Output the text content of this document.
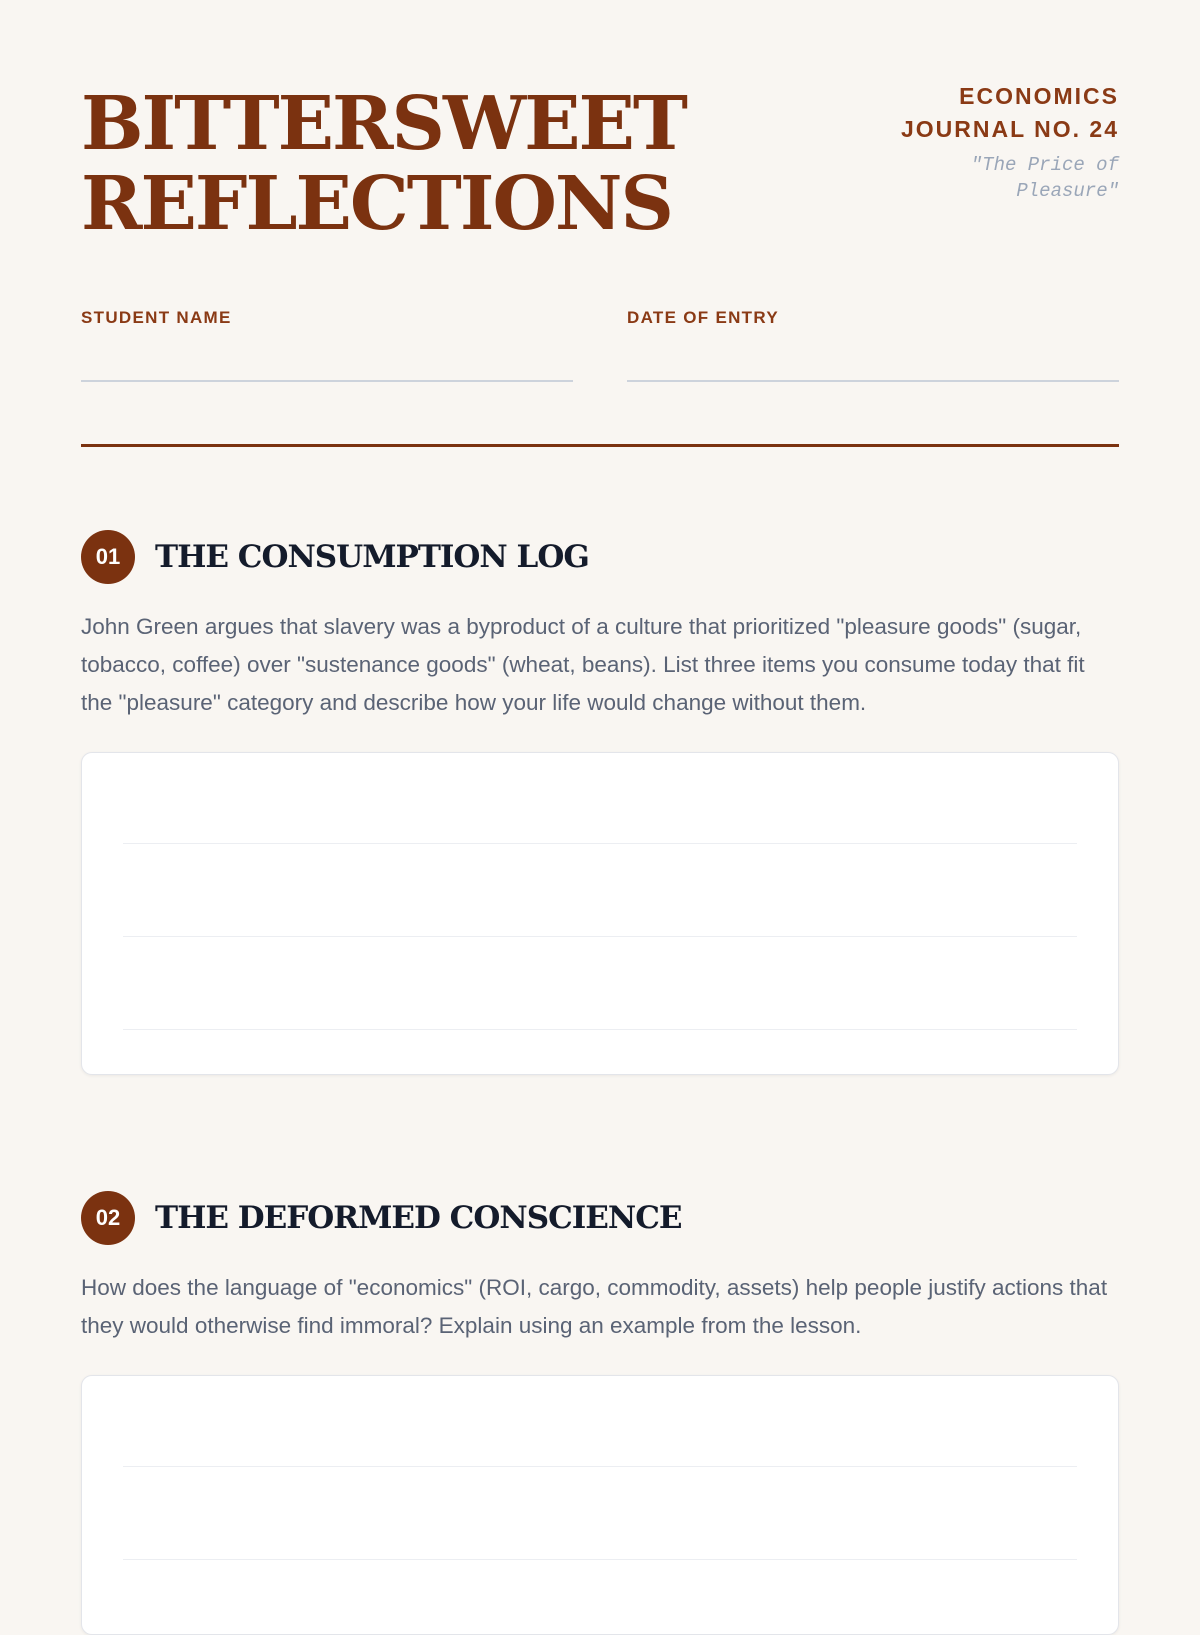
BITTERSWEET
REFLECTIONS
ECONOMICS
JOURNAL NO. 24
"The Price of Pleasure"
STUDENT NAME	DATE OF ENTRY
01	THE CONSUMPTION LOG

John Green argues that slavery was a byproduct of a culture that prioritized "pleasure goods" (sugar, tobacco, coffee) over "sustenance goods" (wheat, beans). List three items you consume today that fit the "pleasure" category and describe how your life would change without them.

02	THE DEFORMED CONSCIENCE

How does the language of "economics" (ROI, cargo, commodity, assets) help people justify actions that they would otherwise find immoral? Explain using an example from the lesson.
